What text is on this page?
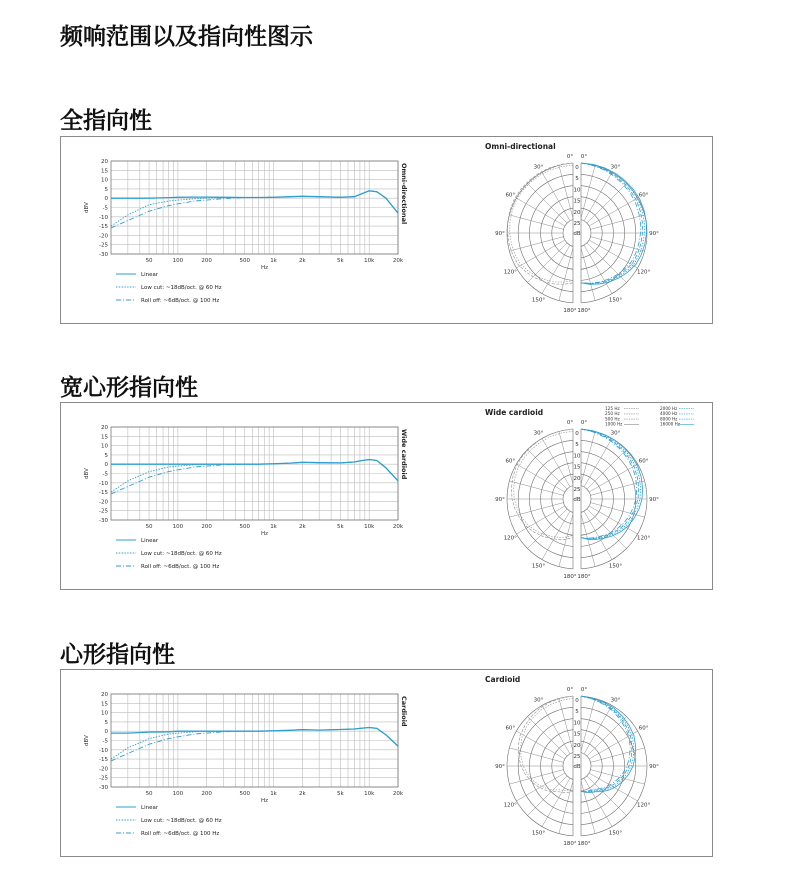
频响范围以及指向性图示
全指向性
20
15
10
5
0
-5
-10
-15
-20
-25
-30
50	100	200	500	1k	2k	5k	10k	20k
Hz
dBV	Omni-directional
Linear
Low cut: ~18dB/oct. @ 60 Hz
Roll off: ~6dB/oct. @ 100 Hz
Omni-directional
0
5
10
15
20
25
dB
0° 0°
30°	30°
60°	60°
90°	90°
120°	120°
150°	150°
180° 180°
宽心形指向性
20
15
10
5
0
-5
-10
-15
-20
-25
-30
50	100	200	500	1k	2k	5k	10k	20k
Hz
dBV	Wide cardioid
Linear
Low cut: ~18dB/oct. @ 60 Hz
Roll off: ~6dB/oct. @ 100 Hz
Wide cardioid
0
5
10
15
20
25
dB
0° 0°
30°	30°
60°	60°
90°	90°
120°	120°
150°	150°
180° 180°
125 Hz
250 Hz
500 Hz
1000 Hz
2000 Hz
4000 Hz
8000 Hz
16000 Hz
心形指向性
20
15
10
5
0
-5
-10
-15
-20
-25
-30
50	100	200	500	1k	2k	5k	10k	20k
Hz
dBV
Cardioid
Linear
Low cut: ~18dB/oct. @ 60 Hz
Roll off: ~6dB/oct. @ 100 Hz
Cardioid
0
5
10
15
20
25
dB
0° 0°
30°	30°
60°	60°
90°	90°
120°	120°
150°	150°
180° 180°
